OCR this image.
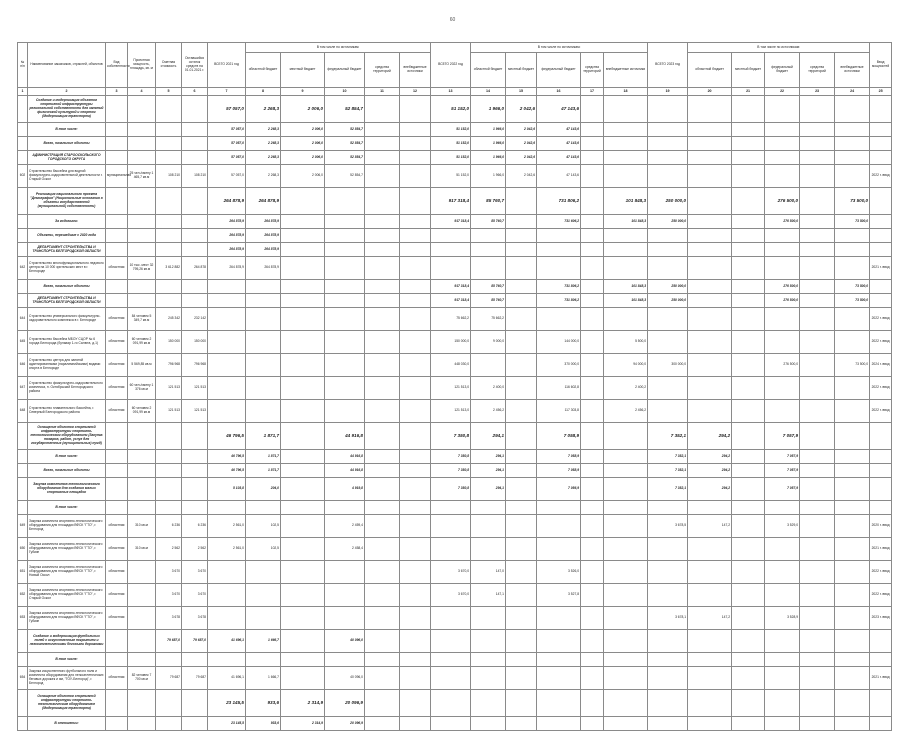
60
№ п/п	Наименование заказчиков, отраслей, объектов	Вид собственности	Проектная мощность, площадь, кв. м	Сметная стоимость	Оставшийся остаток средств на 01.01.2021 г.	ВСЕГО 2021 год	В том числе по источникам:					ВСЕГО 2022 год	В том числе по источникам:					ВСЕГО 2023 год	В том числе по источникам:					Ввод мощностей
							областной бюджет	местный бюджет	федеральный бюджет	средства территорий	внебюджетные источники		областной бюджет	местный бюджет	федеральный бюджет	средства территорий	внебюджетные источники		областной бюджет	местный бюджет	федеральный бюджет	средства территорий	внебюджетные источники	
1	2	3	4	5	6	7	8	9	10	11	12	13	14	15	16	17	18	19	20	21	22	23	24	25
	Создание и модернизация объектов спортивной инфраструктуры региональной собственности для занятий физической культурой и спортом (Модернизация транспорта)					57 057,0	2 268,3	2 006,0	52 854,7			51 152,0	1 966,0	2 042,6	47 143,6									
	В том числе:					57 057,0	2 268,3	2 006,0	52 854,7			51 152,0	1 966,0	2 042,6	47 143,6									
	Всего, начальные объекты					57 057,0	2 268,3	2 006,0	52 854,7			51 152,0	1 966,0	2 042,6	47 143,6									
	АДМИНИСТРАЦИЯ СТАРООСКОЛЬСКОГО ГОРОДСКОГО ОКРУГА					57 057,0	2 268,3	2 006,0	52 854,7			51 152,0	1 966,0	2 042,6	47 143,6									
602	Строительство бассейна для водной физкультурно-оздоровительной деятельности г. Старый Оскол	муниципальная	25 чел./смену 1 465,7 кв.м	108 210	108 210	57 057,0	2 268,3	2 006,0	52 854,7			51 152,0	1 966,0	2 042,6	47 143,6									2022 г. ввод
	Реализация национального проекта "Демография" (Национальные основания в объекты государственной (муниципальной) собственности)					264 878,9	264 878,9					917 318,4	85 760,7		731 806,2		101 848,3	250 000,0			276 500,0		73 500,0	
	За годовыми:					264 878,9	264 878,9					917 318,4	85 760,7		731 606,2		101 848,3	250 000,0			276 500,0		73 500,0	
	Объекты, перешедшие с 2020 года					264 878,9	264 878,9																	
	ДЕПАРТАМЕНТ СТРОИТЕЛЬСТВА И ТРАНСПОРТА БЕЛГОРОДСКОЙ ОБЛАСТИ					264 878,9	264 878,9																	
642	Строительство многофункционального ледового центра на 10 000 зрительских мест в г. Белгороде	областная	10 тыс. мест 32 795,26 кв.м	3 612 882	264 878	264 878,9	264 878,9																	2021 г. ввод
	Всего, начальные объекты											917 318,4	85 760,7		731 806,2		101 848,3	250 000,0			276 500,0		73 500,0	
	ДЕПАРТАМЕНТ СТРОИТЕЛЬСТВА И ТРАНСПОРТА БЕЛГОРОДСКОЙ ОБЛАСТИ											917 318,4	85 760,7		731 806,2		101 848,3	250 000,0			276 500,0		73 500,0	
644	Строительство универсального физкультурно-оздоровительного комплекса в г. Белгороде	областная	84 человек 5 349,7 кв.м	245 342	232 142							75 662,2	75 662,2											2022 г. ввод
645	Строительство бассейна МБОУ СЦОР № 6 города Белгорода (бульвар 1-го Салюта, д.1)	областная	60 человек 2 091,99 кв.м	150 000	150 000							150 000,0	9 000,0		144 000,0		5 500,0							2022 г. ввод
646	Строительство центра для занятий адаптированными (паралимпийскими) видами спорта в Белгороде	областная	5 569,85 кв.м	796 968	796 968							448 030,0			370 000,0		94 000,0	300 000,0			276 500,0		73 500,0	2024 г. ввод
647	Строительство физкультурно-оздоровительного комплекса, п. Октябрьский Белгородского района	областная	60 чел./смену 1 376 кв.м	121 513	121 513							121 513,0	2 400,0		116 602,8		2 400,2							2022 г. ввод
648	Строительство плавательного бассейна, г. Северный Белгородского района	областная	60 человек 2 091,99 кв.м	121 513	121 513							121 513,0	2 456,2		117 303,8		2 456,2							2022 г. ввод
	Оснащение объектов спортивной инфраструктуры спортивно-технологическим оборудованием (Закупка товаров, работ, услуг для государственных (муниципальных) нужд)					46 796,5	1 871,7		44 916,8			7 350,8	294,1		7 058,9			7 352,1	294,2		7 057,9			
	В том числе:					46 796,5	1 871,7		44 916,8			7 350,8	294,1		7 058,9			7 352,1	294,2		7 057,9			
	Всего, начальные объекты					46 796,5	1 871,7		44 916,8			7 350,8	294,1		7 058,9			7 352,1	294,2		7 057,9			
	Закупка комплектов технологического оборудования для создания малых спортивных площадок					5 103,8	204,0		4 919,8			7 350,8	294,1		7 056,9			7 352,1	294,2		7 057,9			
	В том числе:																							
649	Закупка комплекта спортивно-технологического оборудования для площадки ВФСК "ГТО", г. Белгород	областная	310 кв.м	6 236	6 236	2 561,0	102,5		2 459,4									3 678,5	147,2		3 529,0			2020 г. ввод
650	Закупка комплекта спортивно-технологического оборудования для площадки ВФСК "ГТО", г. Губкин	областная	310 кв.м	2 562	2 562	2 561,0	102,5		2 458,4															2021 г. ввод
651	Закупка комплекта спортивно-технологического оборудования для площадки ВФСК "ГТО", г. Новый Оскол	областная		3 670	3 670							3 670,0	147,0		3 526,0									2022 г. ввод
652	Закупка комплекта спортивно-технологического оборудования для площадки ВФСК "ГТО", г. Старый Оскол	областная		3 670	3 670							3 670,0	147,1		3 527,8									2022 г. ввод
653	Закупка комплекта спортивно-технологического оборудования для площадки ВФСК "ГТО", г. Губкин	областная		3 678	3 678													3 678,1	147,2		3 528,9			2023 г. ввод
	Создание и модернизация футбольных полей с искусственным покрытием и легкоатлетическими беговыми дорожками			79 687,0	79 687,0	41 696,1	1 666,7		40 096,0															
	В том числе:																							
654	Закупка искусственного футбольного поля и комплекта оборудования для легкоатлетических беговых дорожек и ям, "ГОУ-Белгород", г. Белгород	областная	82 человек 7 700 кв.м	79 687	79 687	41 696,1	1 666,7		40 096,0															2021 г. ввод
	Оснащение объектов спортивной инфраструктуры спортивно-технологическим оборудованием (Модернизация транспорта)					23 145,5	933,6	2 314,9	20 096,9															
	В отношении:					23 145,5	933,6	2 314,9	20 096,9															
